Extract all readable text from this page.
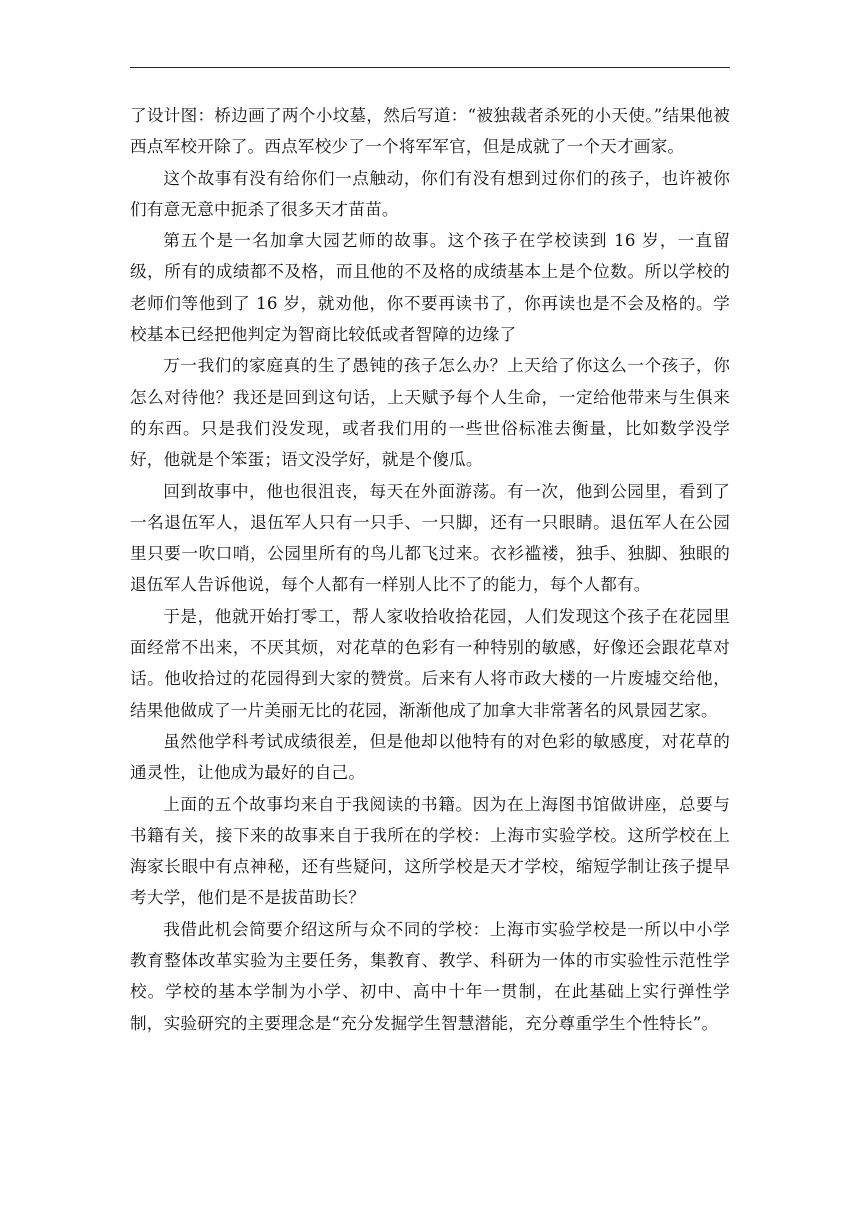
了设计图：桥边画了两个小坟墓，然后写道：“被独裁者杀死的小天使。”结果他被西点军校开除了。西点军校少了一个将军军官，但是成就了一个天才画家。

这个故事有没有给你们一点触动，你们有没有想到过你们的孩子，也许被你们有意无意中扼杀了很多天才苗苗。

第五个是一名加拿大园艺师的故事。这个孩子在学校读到 16 岁，一直留级，所有的成绩都不及格，而且他的不及格的成绩基本上是个位数。所以学校的老师们等他到了 16 岁，就劝他，你不要再读书了，你再读也是不会及格的。学校基本已经把他判定为智商比较低或者智障的边缘了

万一我们的家庭真的生了愚钝的孩子怎么办？上天给了你这么一个孩子，你怎么对待他？我还是回到这句话，上天赋予每个人生命，一定给他带来与生俱来的东西。只是我们没发现，或者我们用的一些世俗标准去衡量，比如数学没学好，他就是个笨蛋；语文没学好，就是个傻瓜。

回到故事中，他也很沮丧，每天在外面游荡。有一次，他到公园里，看到了一名退伍军人，退伍军人只有一只手、一只脚，还有一只眼睛。退伍军人在公园里只要一吹口哨，公园里所有的鸟儿都飞过来。衣衫褴褛，独手、独脚、独眼的退伍军人告诉他说，每个人都有一样别人比不了的能力，每个人都有。

于是，他就开始打零工，帮人家收拾收拾花园，人们发现这个孩子在花园里面经常不出来，不厌其烦，对花草的色彩有一种特别的敏感，好像还会跟花草对话。他收拾过的花园得到大家的赞赏。后来有人将市政大楼的一片废墟交给他，结果他做成了一片美丽无比的花园，渐渐他成了加拿大非常著名的风景园艺家。

虽然他学科考试成绩很差，但是他却以他特有的对色彩的敏感度，对花草的通灵性，让他成为最好的自己。

上面的五个故事均来自于我阅读的书籍。因为在上海图书馆做讲座，总要与书籍有关，接下来的故事来自于我所在的学校：上海市实验学校。这所学校在上海家长眼中有点神秘，还有些疑问，这所学校是天才学校，缩短学制让孩子提早考大学，他们是不是拔苗助长？

我借此机会简要介绍这所与众不同的学校：上海市实验学校是一所以中小学教育整体改革实验为主要任务，集教育、教学、科研为一体的市实验性示范性学校。学校的基本学制为小学、初中、高中十年一贯制，在此基础上实行弹性学制，实验研究的主要理念是“充分发掘学生智慧潜能，充分尊重学生个性特长”。
